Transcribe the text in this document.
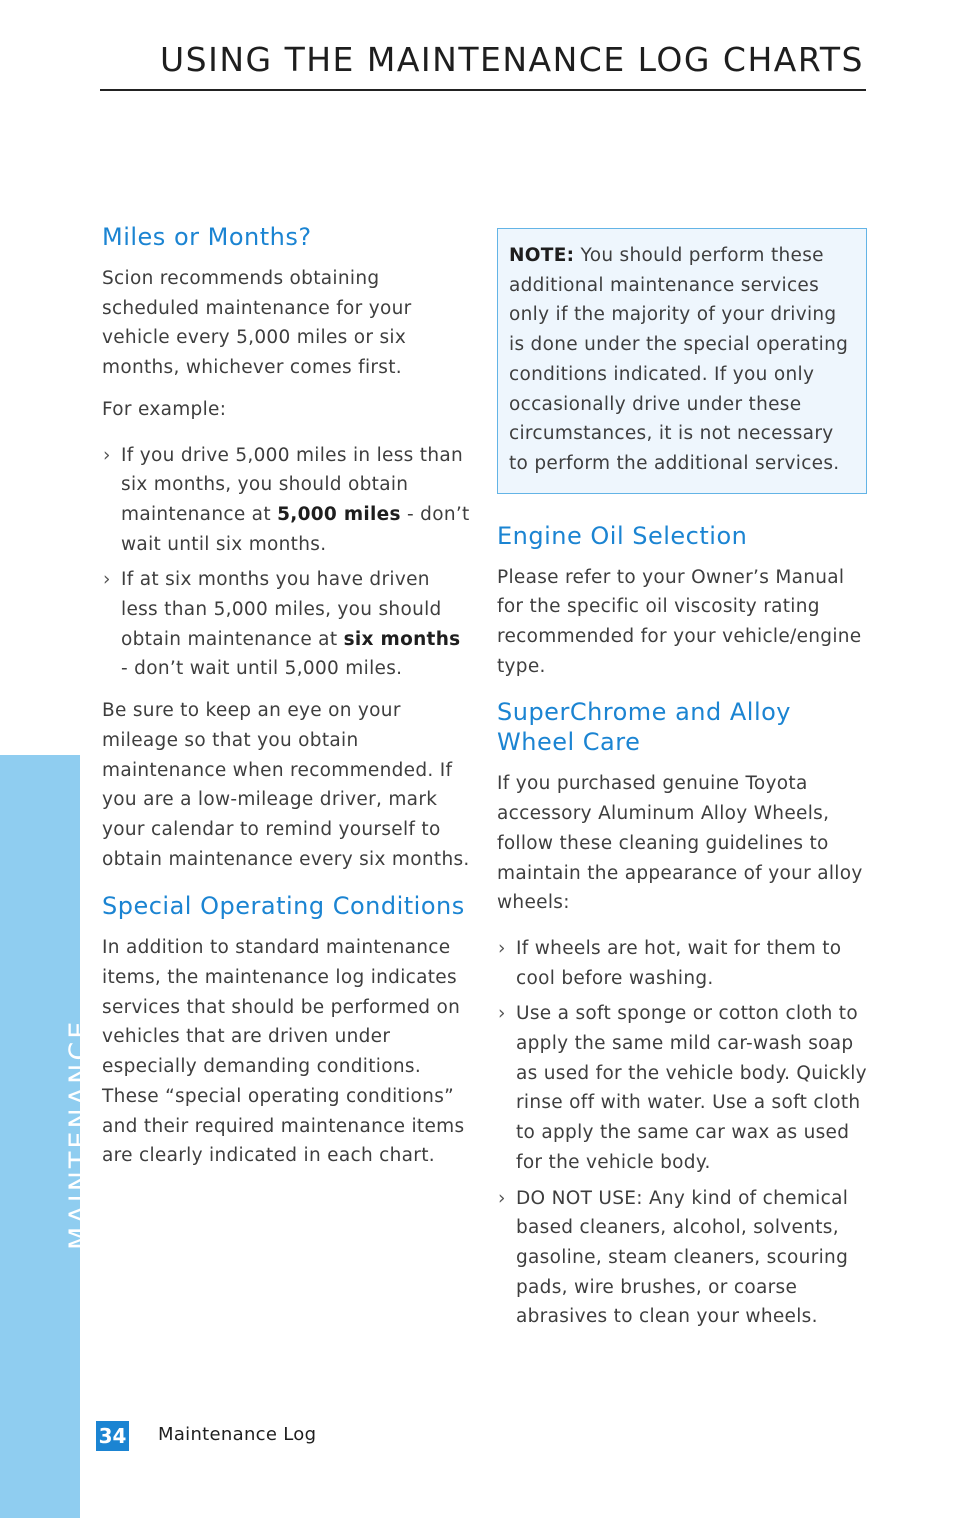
MAINTENANCE
USING THE MAINTENANCE LOG CHARTS
Miles or Months?

Scion recommends obtaining scheduled maintenance for your vehicle every 5,000 miles or six months, whichever comes first.

For example:

› If you drive 5,000 miles in less than six months, you should obtain maintenance at 5,000 miles - don’t wait until six months.
› If at six months you have driven less than 5,000 miles, you should obtain maintenance at six months - don’t wait until 5,000 miles.

Be sure to keep an eye on your mileage so that you obtain maintenance when recommended. If you are a low-mileage driver, mark your calendar to remind yourself to obtain maintenance every six months.

Special Operating Conditions

In addition to standard maintenance items, the maintenance log indicates services that should be performed on vehicles that are driven under especially demanding conditions. These “special operating conditions” and their required maintenance items are clearly indicated in each chart.

NOTE: You should perform these additional maintenance services only if the majority of your driving is done under the special operating conditions indicated. If you only occasionally drive under these circumstances, it is not necessary to perform the additional services.

Engine Oil Selection

Please refer to your Owner’s Manual for the specific oil viscosity rating recommended for your vehicle/engine type.

SuperChrome and Alloy Wheel Care

If you purchased genuine Toyota accessory Aluminum Alloy Wheels, follow these cleaning guidelines to maintain the appearance of your alloy wheels:

› If wheels are hot, wait for them to cool before washing.
› Use a soft sponge or cotton cloth to apply the same mild car-wash soap as used for the vehicle body. Quickly rinse off with water. Use a soft cloth to apply the same car wax as used for the vehicle body.
› DO NOT USE: Any kind of chemical based cleaners, alcohol, solvents, gasoline, steam cleaners, scouring pads, wire brushes, or coarse abrasives to clean your wheels.
34 Maintenance Log
